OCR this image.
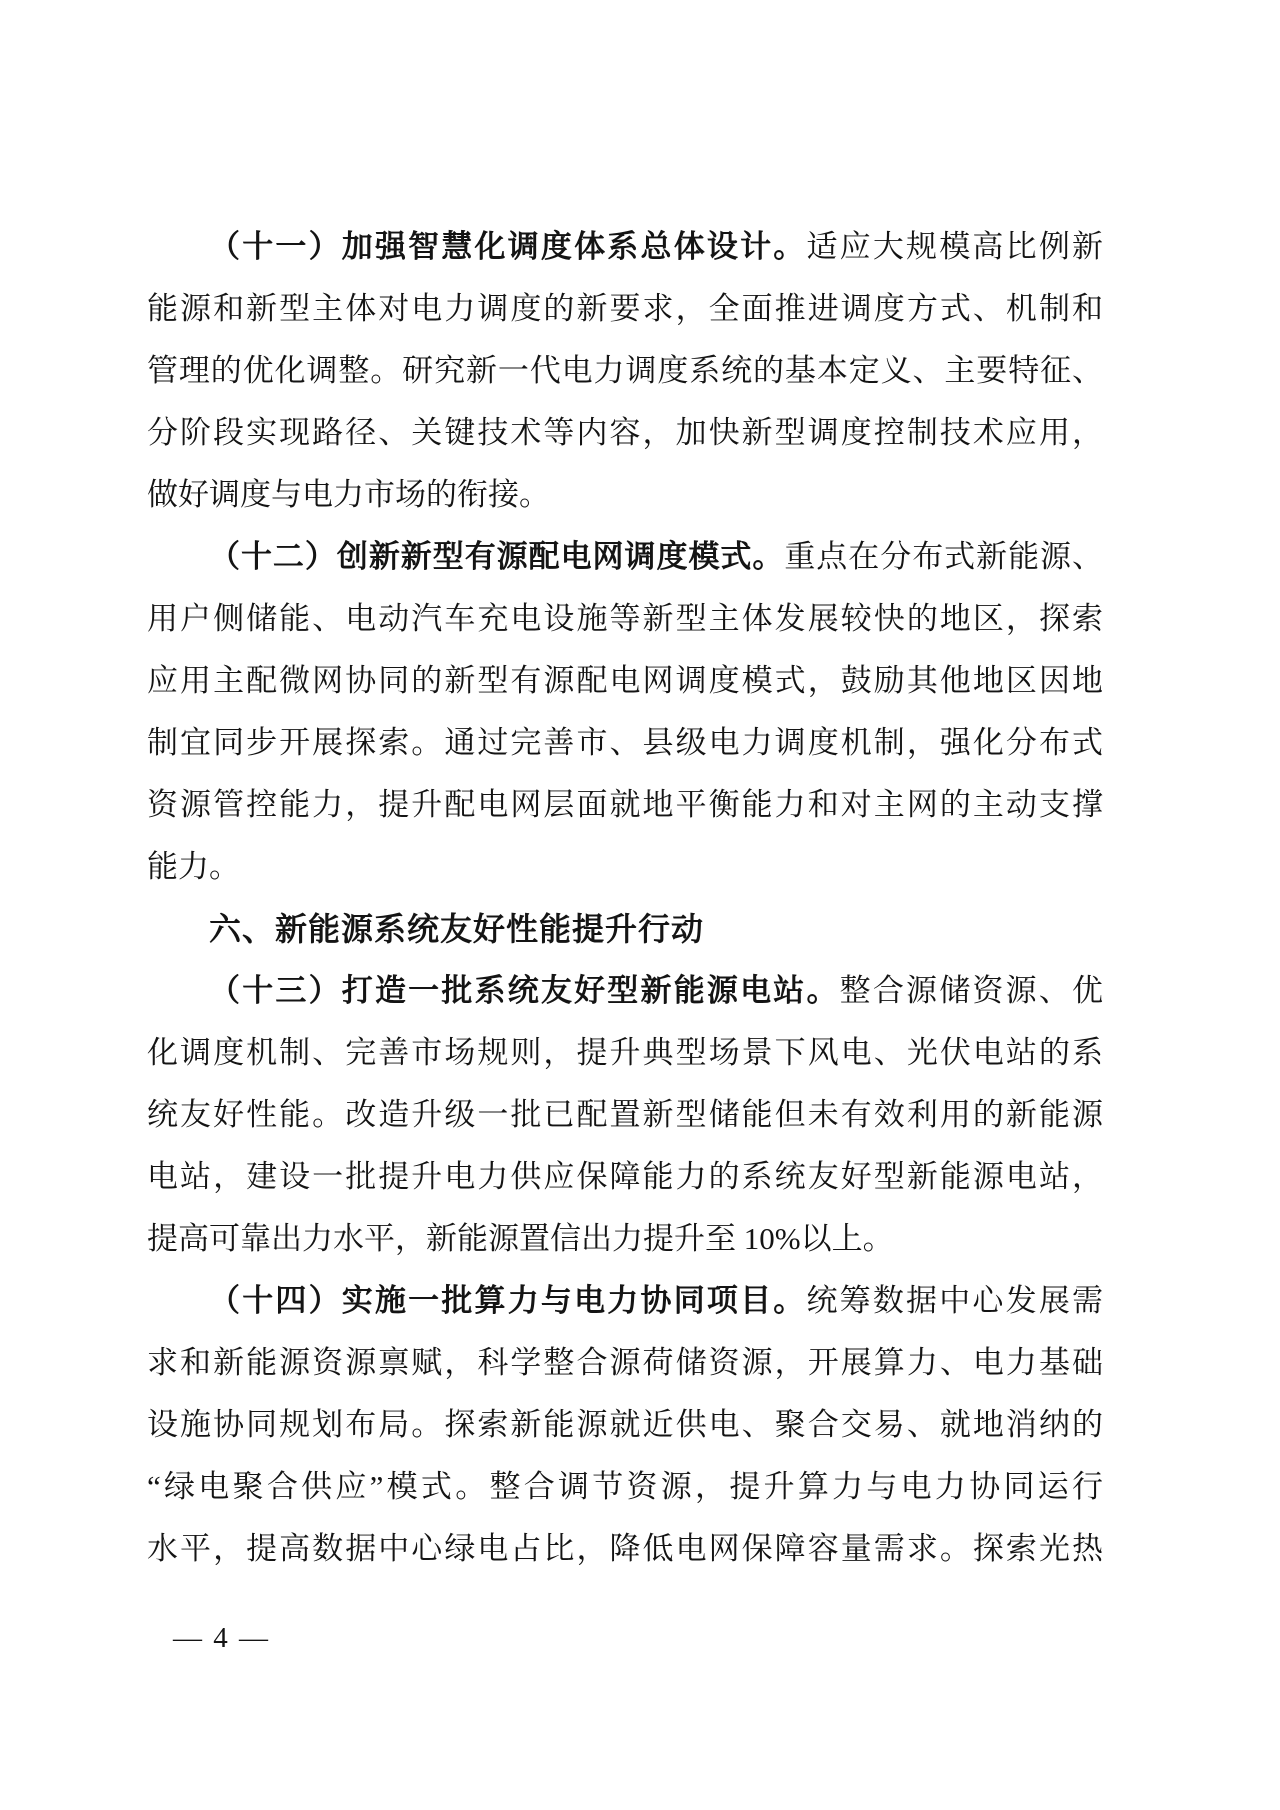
（十一）加强智慧化调度体系总体设计。适应大规模高比例新
能源和新型主体对电力调度的新要求，全面推进调度方式、机制和
管理的优化调整。研究新一代电力调度系统的基本定义、主要特征、
分阶段实现路径、关键技术等内容，加快新型调度控制技术应用，
做好调度与电力市场的衔接。
（十二）创新新型有源配电网调度模式。重点在分布式新能源、
用户侧储能、电动汽车充电设施等新型主体发展较快的地区，探索
应用主配微网协同的新型有源配电网调度模式，鼓励其他地区因地
制宜同步开展探索。通过完善市、县级电力调度机制，强化分布式
资源管控能力，提升配电网层面就地平衡能力和对主网的主动支撑
能力。
六、新能源系统友好性能提升行动
（十三）打造一批系统友好型新能源电站。整合源储资源、优
化调度机制、完善市场规则，提升典型场景下风电、光伏电站的系
统友好性能。改造升级一批已配置新型储能但未有效利用的新能源
电站，建设一批提升电力供应保障能力的系统友好型新能源电站，
提高可靠出力水平，新能源置信出力提升至 10%以上。
（十四）实施一批算力与电力协同项目。统筹数据中心发展需
求和新能源资源禀赋，科学整合源荷储资源，开展算力、电力基础
设施协同规划布局。探索新能源就近供电、聚合交易、就地消纳的
“绿电聚合供应”模式。整合调节资源，提升算力与电力协同运行
水平，提高数据中心绿电占比，降低电网保障容量需求。探索光热
— 4 —
